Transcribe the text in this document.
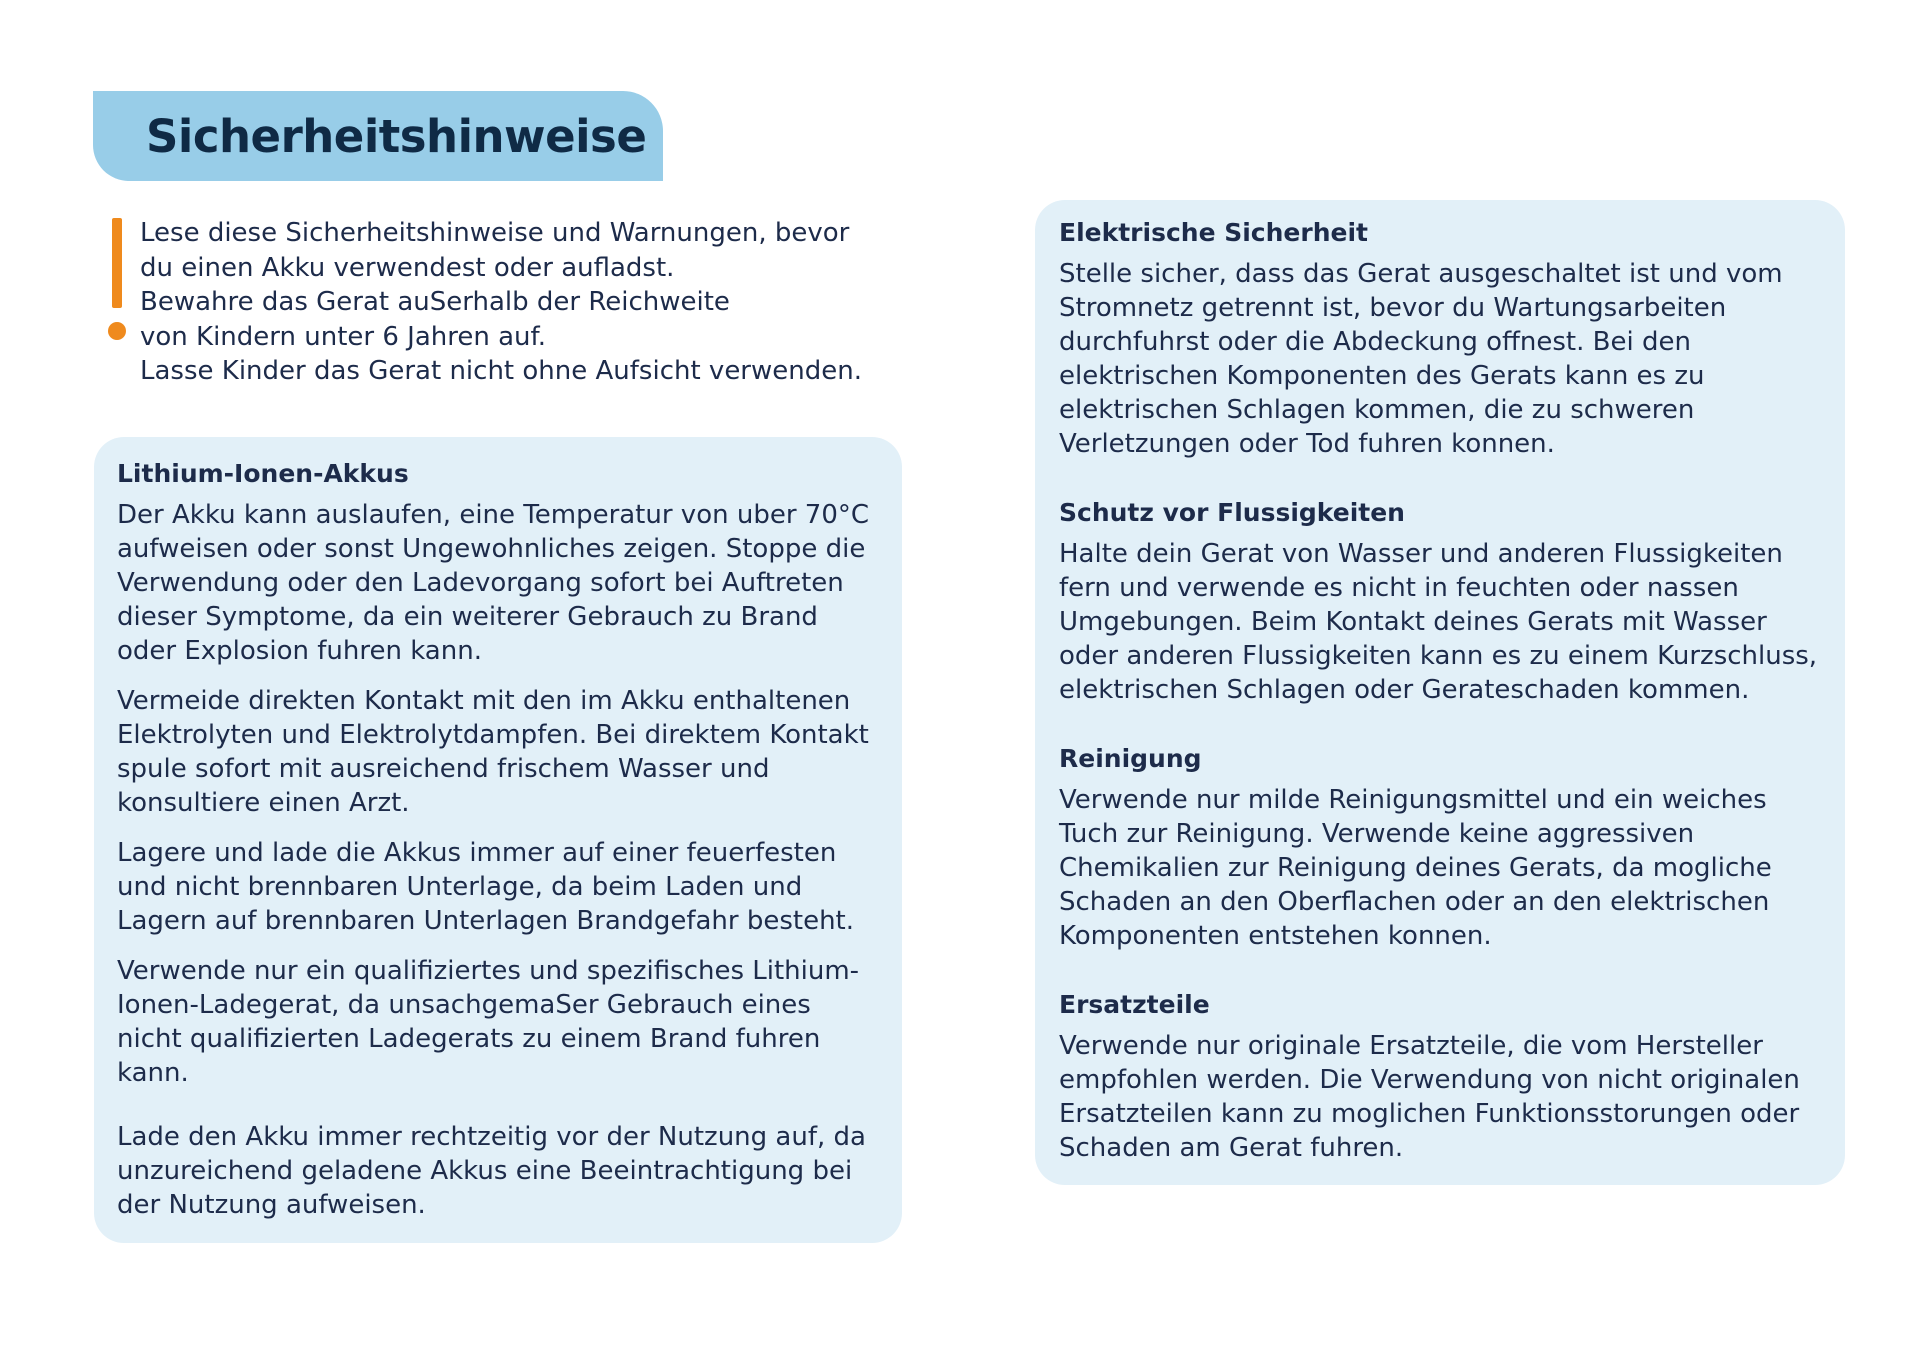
Sicherheitshinweise

Lese diese Sicherheitshinweise und Warnungen, bevor

du einen Akku verwendest oder aufladst.

Bewahre das Gerat auSerhalb der Reichweite

von Kindern unter 6 Jahren auf.

Lasse Kinder das Gerat nicht ohne Aufsicht verwenden.

Lithium-Ionen-Akkus

Der Akku kann auslaufen, eine Temperatur von uber 70°C aufweisen oder sonst Ungewohnliches zeigen. Stoppe die Verwendung oder den Ladevorgang sofort bei Auftreten dieser Symptome, da ein weiterer Gebrauch zu Brand oder Explosion fuhren kann.

Vermeide direkten Kontakt mit den im Akku enthaltenen Elektrolyten und Elektrolytdampfen. Bei direktem Kontakt spule sofort mit ausreichend frischem Wasser und konsultiere einen Arzt.

Lagere und lade die Akkus immer auf einer feuerfesten und nicht brennbaren Unterlage, da beim Laden und Lagern auf brennbaren Unterlagen Brandgefahr besteht.

Verwende nur ein qualifiziertes und spezifisches Lithium-Ionen-Ladegerat, da unsachgemaSer Gebrauch eines nicht qualifizierten Ladegerats zu einem Brand fuhren kann.

Lade den Akku immer rechtzeitig vor der Nutzung auf, da unzureichend geladene Akkus eine Beeintrachtigung bei der Nutzung aufweisen.

Elektrische Sicherheit

Stelle sicher, dass das Gerat ausgeschaltet ist und vom Stromnetz getrennt ist, bevor du Wartungsarbeiten durchfuhrst oder die Abdeckung offnest. Bei den elektrischen Komponenten des Gerats kann es zu elektrischen Schlagen kommen, die zu schweren Verletzungen oder Tod fuhren konnen.

Schutz vor Flussigkeiten

Halte dein Gerat von Wasser und anderen Flussigkeiten fern und verwende es nicht in feuchten oder nassen Umgebungen. Beim Kontakt deines Gerats mit Wasser oder anderen Flussigkeiten kann es zu einem Kurzschluss, elektrischen Schlagen oder Gerateschaden kommen.

Reinigung

Verwende nur milde Reinigungsmittel und ein weiches Tuch zur Reinigung. Verwende keine aggressiven Chemikalien zur Reinigung deines Gerats, da mogliche Schaden an den Oberflachen oder an den elektrischen Komponenten entstehen konnen.

Ersatzteile

Verwende nur originale Ersatzteile, die vom Hersteller empfohlen werden. Die Verwendung von nicht originalen Ersatzteilen kann zu moglichen Funktionsstorungen oder Schaden am Gerat fuhren.
